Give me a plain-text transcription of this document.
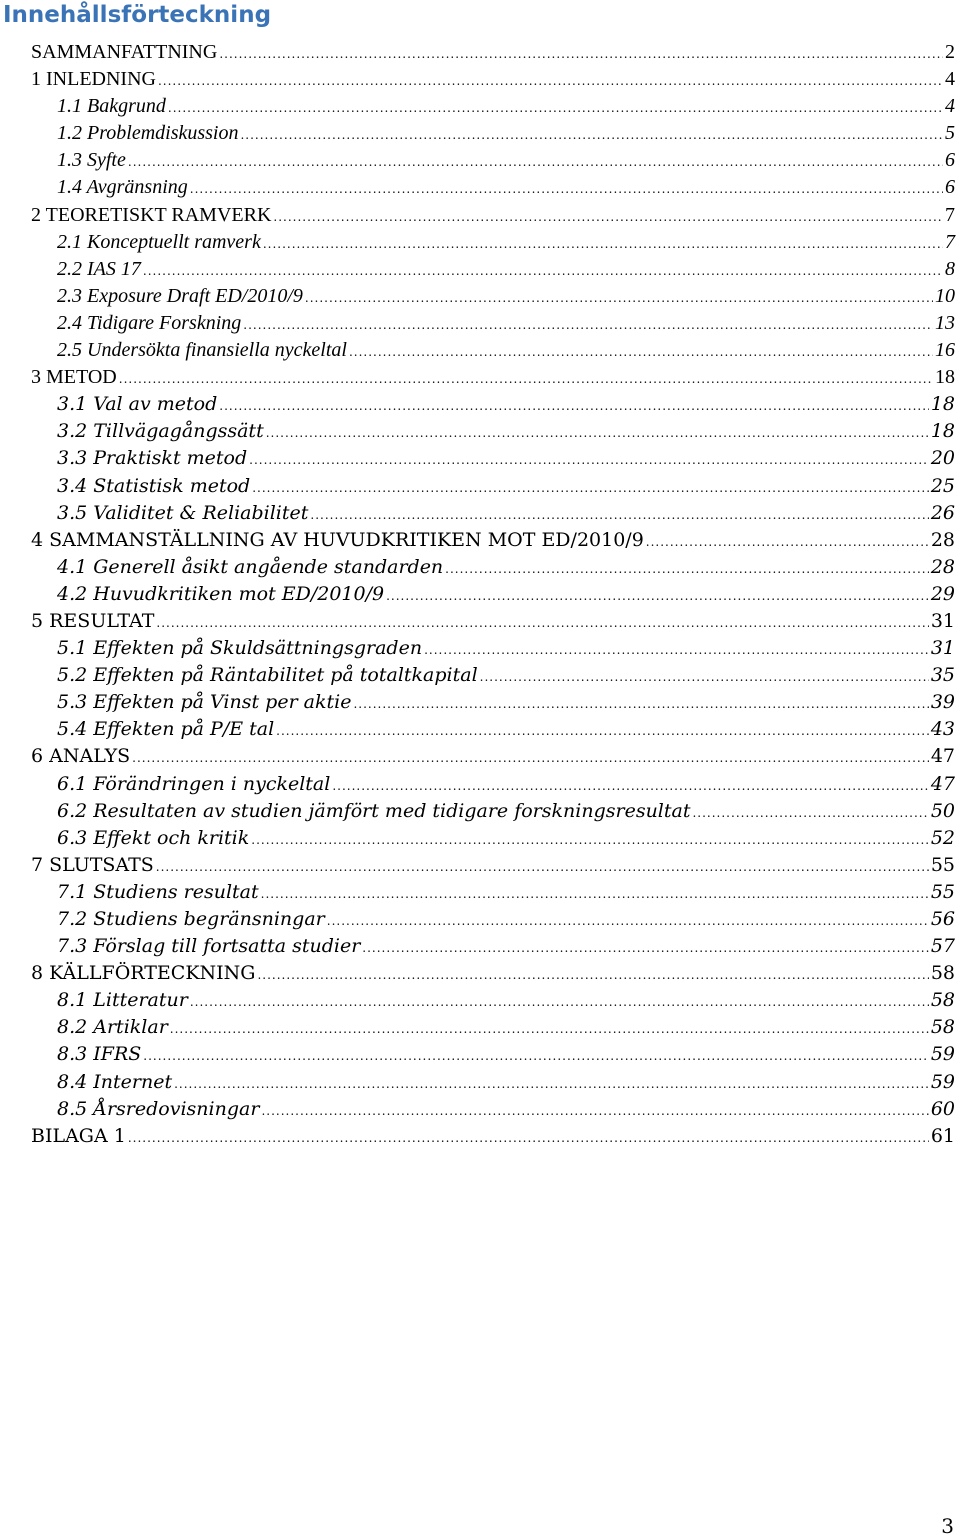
Innehållsförteckning
SAMMANFATTNING .....	2
1 INLEDNING .....	4
1.1 Bakgrund .....	4
1.2 Problemdiskussion .....	5
1.3 Syfte .....	6
1.4 Avgränsning .....	6
2 TEORETISKT RAMVERK .....	7
2.1 Konceptuellt ramverk .....	7
2.2 IAS 17 .....	8
2.3 Exposure Draft ED/2010/9 .....	10
2.4 Tidigare Forskning .....	13
2.5 Undersökta finansiella nyckeltal .....	16
3 METOD .....	18
3.1 Val av metod .....	18
3.2 Tillvägagångssätt .....	18
3.3 Praktiskt metod .....	20
3.4 Statistisk metod .....	25
3.5 Validitet & Reliabilitet .....	26
4 SAMMANSTÄLLNING AV HUVUDKRITIKEN MOT ED/2010/9 .....	28
4.1 Generell åsikt angående standarden .....	28
4.2 Huvudkritiken mot ED/2010/9 .....	29
5 RESULTAT .....	31
5.1 Effekten på Skuldsättningsgraden .....	31
5.2 Effekten på Räntabilitet på totaltkapital .....	35
5.3 Effekten på Vinst per aktie .....	39
5.4 Effekten på P/E tal .....	43
6 ANALYS .....	47
6.1 Förändringen i nyckeltal .....	47
6.2 Resultaten av studien jämfört med tidigare forskningsresultat .....	50
6.3 Effekt och kritik .....	52
7 SLUTSATS .....	55
7.1 Studiens resultat .....	55
7.2 Studiens begränsningar .....	56
7.3 Förslag till fortsatta studier .....	57
8 KÄLLFÖRTECKNING .....	58
8.1 Litteratur .....	58
8.2 Artiklar .....	58
8.3 IFRS .....	59
8.4 Internet .....	59
8.5 Årsredovisningar .....	60
BILAGA 1 .....	61
3
